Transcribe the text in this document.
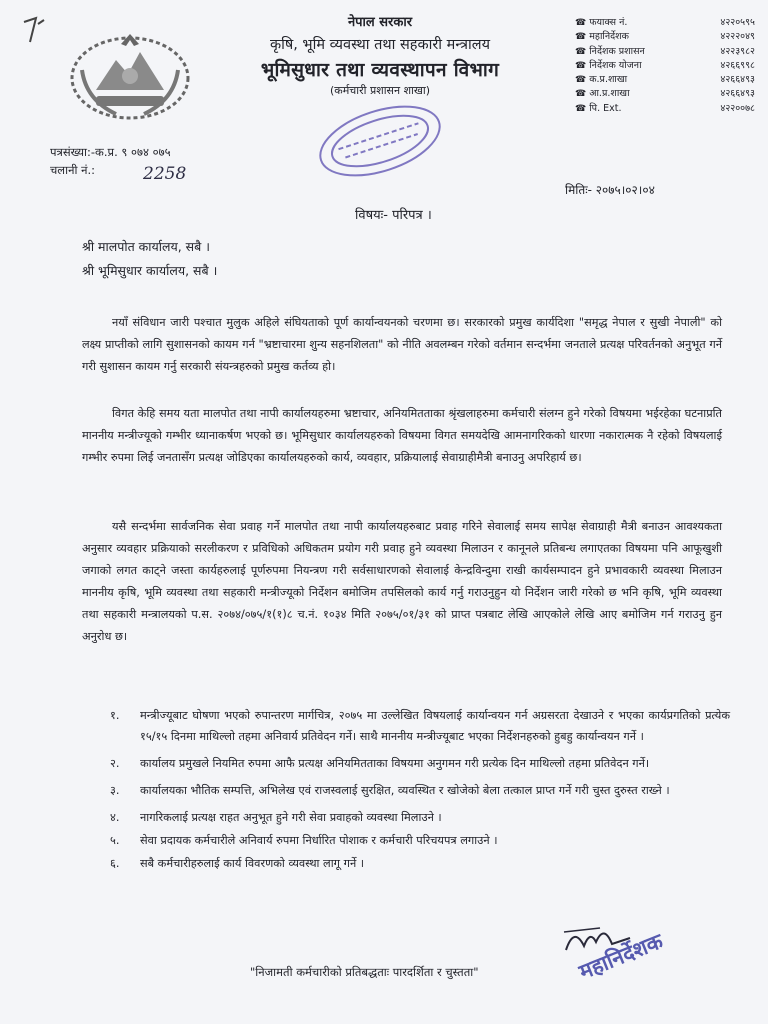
नेपाल सरकार
कृषि, भूमि व्यवस्था तथा सहकारी मन्त्रालय
भूमिसुधार तथा व्यवस्थापन विभाग
(कर्मचारी प्रशासन शाखा)
☎ फयाक्स नं.	४२२०५९५
☎ महानिर्देशक	४२२२०४९
☎ निर्देशक प्रशासन	४२२३९८२
☎ निर्देशक योजना	४२६६९९८
☎ क.प्र.शाखा	४२६६४९३
☎ आ.प्र.शाखा	४२६६४९३
☎ पि. Ext.	४२२००७८
पत्रसंख्या:-क.प्र. ९ ०७४ ०७५
चलानी नं.:	2258
मितिः- २०७५।०२।०४
विषयः- परिपत्र ।
श्री मालपोत कार्यालय, सबै ।
श्री भूमिसुधार कार्यालय, सबै ।
नयाँ संविधान जारी पश्चात मुलुक अहिले संघियताको पूर्ण कार्यान्वयनको चरणमा छ। सरकारको प्रमुख कार्यदिशा "समृद्ध नेपाल र सुखी नेपाली" को लक्ष्य प्राप्तीको लागि सुशासनको कायम गर्न "भ्रष्टाचारमा शुन्य सहनशिलता" को नीति अवलम्बन गरेको वर्तमान सन्दर्भमा जनताले प्रत्यक्ष परिवर्तनको अनुभूत गर्ने गरी सुशासन कायम गर्नु सरकारी संयन्त्रहरुको प्रमुख कर्तव्य हो।
विगत केहि समय यता मालपोत तथा नापी कार्यालयहरुमा भ्रष्टाचार, अनियमितताका श्रृंखलाहरुमा कर्मचारी संलग्न हुने गरेको विषयमा भईरहेका घटनाप्रति माननीय मन्त्रीज्यूको गम्भीर ध्यानाकर्षण भएको छ। भूमिसुधार कार्यालयहरुको विषयमा विगत समयदेखि आमनागरिकको धारणा नकारात्मक नै रहेको विषयलाई गम्भीर रुपमा लिई जनतासँग प्रत्यक्ष जोडिएका कार्यालयहरुको कार्य, व्यवहार, प्रक्रियालाई सेवाग्राहीमैत्री बनाउनु अपरिहार्य छ।
यसै सन्दर्भमा सार्वजनिक सेवा प्रवाह गर्ने मालपोत तथा नापी कार्यालयहरुबाट प्रवाह गरिने सेवालाई समय सापेक्ष सेवाग्राही मैत्री बनाउन आवश्यकता अनुसार व्यवहार प्रक्रियाको सरलीकरण र प्रविधिको अधिकतम प्रयोग गरी प्रवाह हुने व्यवस्था मिलाउन र कानूनले प्रतिबन्ध लगाएतका विषयमा पनि आफूखुशी जगाको लगत काट्ने जस्ता कार्यहरुलाई पूर्णरुपमा नियन्त्रण गरी सर्वसाधारणको सेवालाई केन्द्रविन्दुमा राखी कार्यसम्पादन हुने प्रभावकारी व्यवस्था मिलाउन माननीय कृषि, भूमि व्यवस्था तथा सहकारी मन्त्रीज्यूको निर्देशन बमोजिम तपसिलको कार्य गर्नु गराउनुहुन यो निर्देशन जारी गरेको छ भनि कृषि, भूमि व्यवस्था तथा सहकारी मन्त्रालयको प.स. २०७४/०७५/१(१)८ च.नं. १०३४ मिति २०७५/०१/३१ को प्राप्त पत्रबाट लेखि आएकोले लेखि आए बमोजिम गर्न गराउनु हुन अनुरोध छ।
१.	मन्त्रीज्यूबाट घोषणा भएको रुपान्तरण मार्गचित्र, २०७५ मा उल्लेखित विषयलाई कार्यान्वयन गर्न अग्रसरता देखाउने र भएका कार्यप्रगतिको प्रत्येक १५/१५ दिनमा माथिल्लो तहमा अनिवार्य प्रतिवेदन गर्ने। साथै माननीय मन्त्रीज्यूबाट भएका निर्देशनहरुको हुबहु कार्यान्वयन गर्ने ।
२.	कार्यालय प्रमुखले नियमित रुपमा आफै प्रत्यक्ष अनियमितताका विषयमा अनुगमन गरी प्रत्येक दिन माथिल्लो तहमा प्रतिवेदन गर्ने।
३.	कार्यालयका भौतिक सम्पत्ति, अभिलेख एवं राजस्वलाई सुरक्षित, व्यवस्थित र खोजेको बेला तत्काल प्राप्त गर्ने गरी चुस्त दुरुस्त राख्ने ।
४.	नागरिकलाई प्रत्यक्ष राहत अनुभूत हुने गरी सेवा प्रवाहको व्यवस्था मिलाउने ।
५.	सेवा प्रदायक कर्मचारीले अनिवार्य रुपमा निर्धारित पोशाक र कर्मचारी परिचयपत्र लगाउने ।
६.	सबै कर्मचारीहरुलाई कार्य विवरणको व्यवस्था लागू गर्ने ।
महानिर्देशक
"निजामती कर्मचारीको प्रतिबद्धताः पारदर्शिता र चुस्तता"
